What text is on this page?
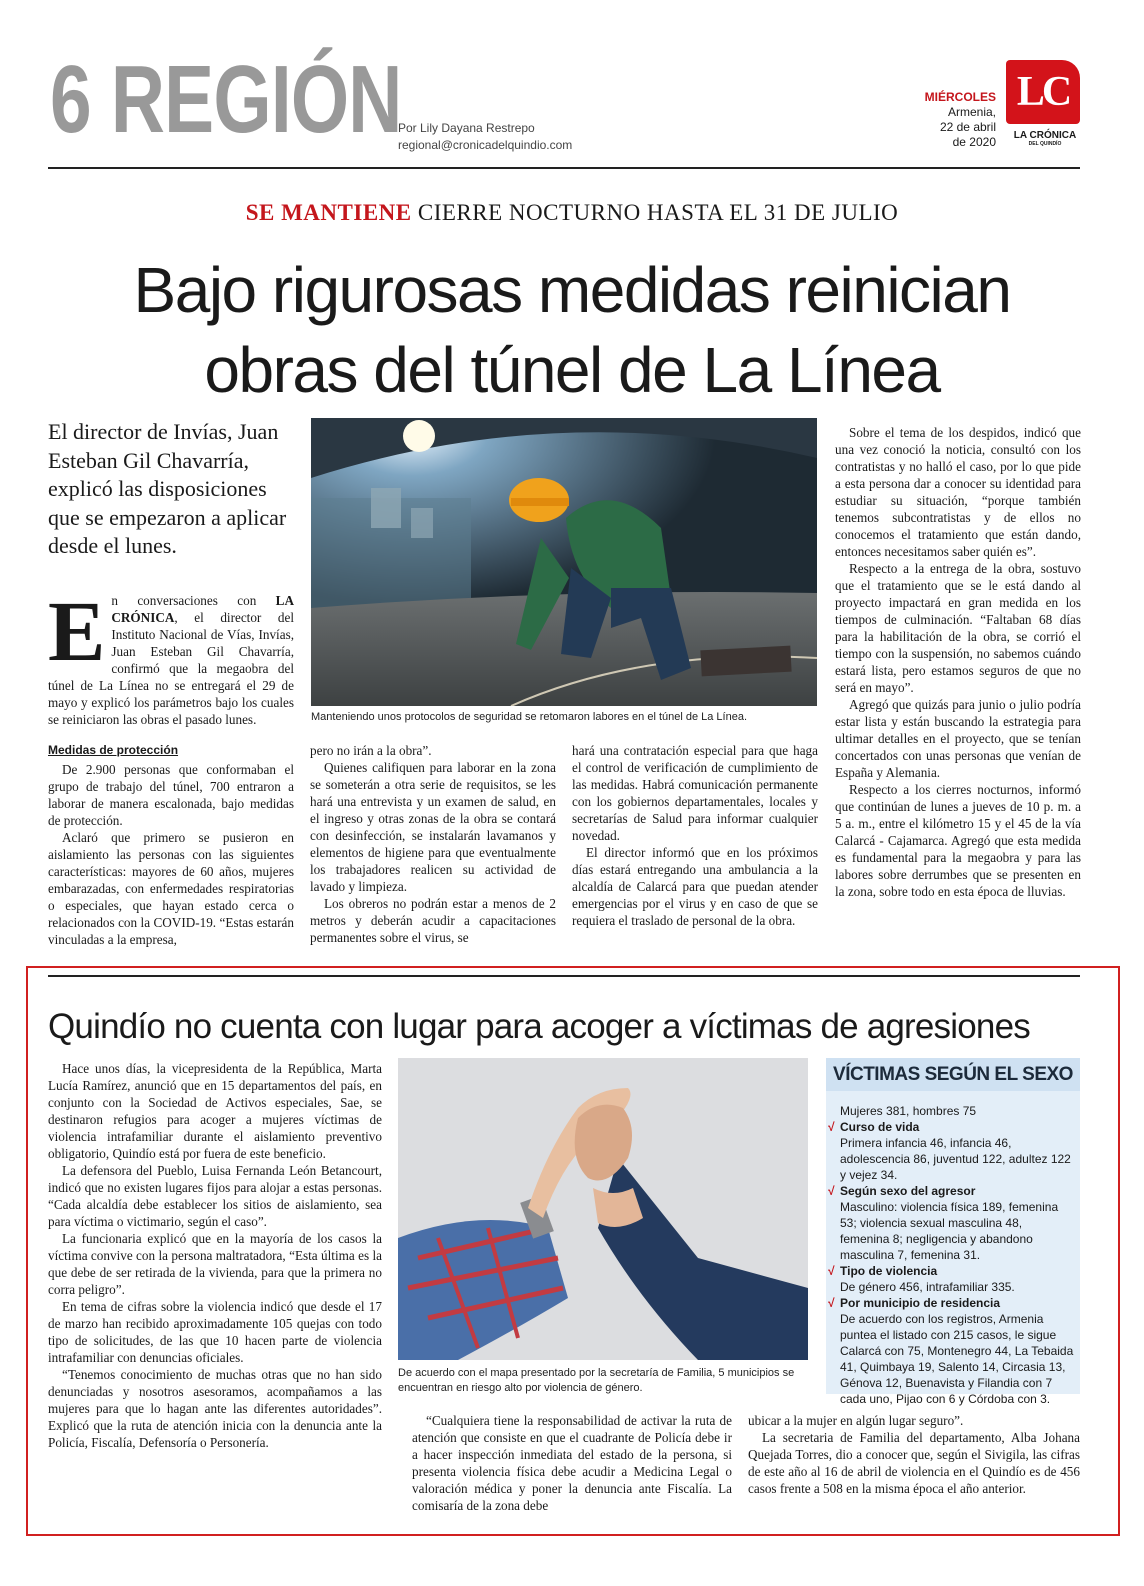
6 REGIÓN
Por Lily Dayana Restrepo
regional@cronicadelquindio.com
MIÉRCOLES
Armenia,
22 de abril
de 2020
LC
LA CRÓNICA
DEL QUINDÍO
SE MANTIENE CIERRE NOCTURNO HASTA EL 31 DE JULIO
Bajo rigurosas medidas reinician
obras del túnel de La Línea
El director de Invías, Juan Esteban Gil Chavarría, explicó las disposiciones que se empezaron a aplicar desde el lunes.
Manteniendo unos protocolos de seguridad se retomaron labores en el túnel de La Línea.

En conversaciones con LA CRÓNICA, el director del Instituto Nacional de Vías, Invías, Juan Esteban Gil Chavarría, confirmó que la megaobra del túnel de La Línea no se entregará el 29 de mayo y explicó los parámetros bajo los cuales se reiniciaron las obras el pasado lunes.

Medidas de protección

De 2.900 personas que conformaban el grupo de trabajo del túnel, 700 entraron a laborar de manera escalonada, bajo medidas de protección.

Aclaró que primero se pusieron en aislamiento las personas con las siguientes características: mayores de 60 años, mujeres embarazadas, con enfermedades respiratorias o especiales, que hayan estado cerca o relacionados con la COVID-19. “Estas estarán vinculadas a la empresa,

pero no irán a la obra”.

Quienes califiquen para laborar en la zona se someterán a otra serie de requisitos, se les hará una entrevista y un examen de salud, en el ingreso y otras zonas de la obra se contará con desinfección, se instalarán lavamanos y elementos de higiene para que eventualmente los trabajadores realicen su actividad de lavado y limpieza.

Los obreros no podrán estar a menos de 2 metros y deberán acudir a capacitaciones permanentes sobre el virus, se

hará una contratación especial para que haga el control de verificación de cumplimiento de las medidas. Habrá comunicación permanente con los gobiernos departamentales, locales y secretarías de Salud para informar cualquier novedad.

El director informó que en los próximos días estará entregando una ambulancia a la alcaldía de Calarcá para que puedan atender emergencias por el virus y en caso de que se requiera el traslado de personal de la obra.

Sobre el tema de los despidos, indicó que una vez conoció la noticia, consultó con los contratistas y no halló el caso, por lo que pide a esta persona dar a conocer su identidad para estudiar su situación, “porque también tenemos subcontratistas y de ellos no conocemos el tratamiento que están dando, entonces necesitamos saber quién es”.

Respecto a la entrega de la obra, sostuvo que el tratamiento que se le está dando al proyecto impactará en gran medida en los tiempos de culminación. “Faltaban 68 días para la habilitación de la obra, se corrió el tiempo con la suspensión, no sabemos cuándo estará lista, pero estamos seguros de que no será en mayo”.

Agregó que quizás para junio o julio podría estar lista y están buscando la estrategia para ultimar detalles en el proyecto, que se tenían concertados con unas personas que venían de España y Alemania.

Respecto a los cierres nocturnos, informó que continúan de lunes a jueves de 10 p. m. a 5 a. m., entre el kilómetro 15 y el 45 de la vía Calarcá - Cajamarca. Agregó que esta medida es fundamental para la megaobra y para las labores sobre derrumbes que se presenten en la zona, sobre todo en esta época de lluvias.

Quindío no cuenta con lugar para acoger a víctimas de agresiones

Hace unos días, la vicepresidenta de la República, Marta Lucía Ramírez, anunció que en 15 departamentos del país, en conjunto con la Sociedad de Activos especiales, Sae, se destinaron refugios para acoger a mujeres víctimas de violencia intrafamiliar durante el aislamiento preventivo obligatorio, Quindío está por fuera de este beneficio.

La defensora del Pueblo, Luisa Fernanda León Betancourt, indicó que no existen lugares fijos para alojar a estas personas. “Cada alcaldía debe establecer los sitios de aislamiento, sea para víctima o victimario, según el caso”.

La funcionaria explicó que en la mayoría de los casos la víctima convive con la persona maltratadora, “Esta última es la que debe de ser retirada de la vivienda, para que la primera no corra peligro”.

En tema de cifras sobre la violencia indicó que desde el 17 de marzo han recibido aproximadamente 105 quejas con todo tipo de solicitudes, de las que 10 hacen parte de violencia intrafamiliar con denuncias oficiales.

“Tenemos conocimiento de muchas otras que no han sido denunciadas y nosotros asesoramos, acompañamos a las mujeres para que lo hagan ante las diferentes autoridades”. Explicó que la ruta de atención inicia con la denuncia ante la Policía, Fiscalía, Defensoría o Personería.

De acuerdo con el mapa presentado por la secretaría de Familia, 5 municipios se encuentran en riesgo alto por violencia de género.
VÍCTIMAS SEGÚN EL SEXO
Mujeres 381, hombres 75
√ Curso de vida
Primera infancia 46, infancia 46, adolescencia 86, juventud 122, adultez 122 y vejez 34.
√ Según sexo del agresor
Masculino: violencia física 189, femenina 53; violencia sexual masculina 48, femenina 8; negligencia y abandono masculina 7, femenina 31.
√ Tipo de violencia
De género 456, intrafamiliar 335.
√ Por municipio de residencia
De acuerdo con los registros, Armenia puntea el listado con 215 casos, le sigue Calarcá con 75, Montenegro 44, La Tebaida 41, Quimbaya 19, Salento 14, Circasia 13, Génova 12, Buenavista y Filandia con 7 cada uno, Pijao con 6 y Córdoba con 3.

“Cualquiera tiene la responsabilidad de activar la ruta de atención que consiste en que el cuadrante de Policía debe ir a hacer inspección inmediata del estado de la persona, si presenta violencia física debe acudir a Medicina Legal o valoración médica y poner la denuncia ante Fiscalía. La comisaría de la zona debe

ubicar a la mujer en algún lugar seguro”.

La secretaria de Familia del departamento, Alba Johana Quejada Torres, dio a conocer que, según el Sivigila, las cifras de este año al 16 de abril de violencia en el Quindío es de 456 casos frente a 508 en la misma época el año anterior.
